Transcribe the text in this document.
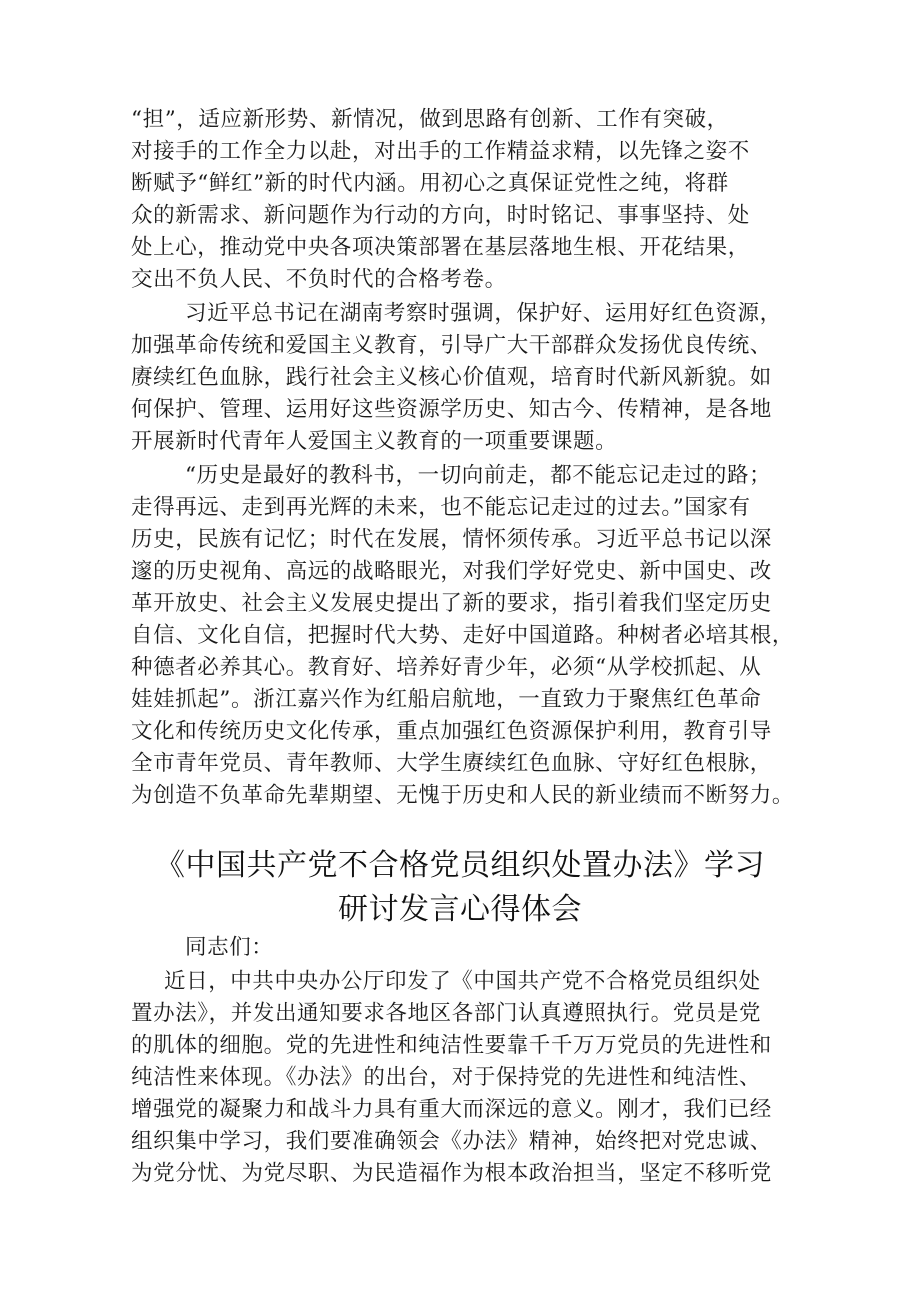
“担”，适应新形势、新情况，做到思路有创新、工作有突破，
对接手的工作全力以赴，对出手的工作精益求精，以先锋之姿不
断赋予“鲜红”新的时代内涵。用初心之真保证党性之纯，将群
众的新需求、新问题作为行动的方向，时时铭记、事事坚持、处
处上心，推动党中央各项决策部署在基层落地生根、开花结果，
交出不负人民、不负时代的合格考卷。
习近平总书记在湖南考察时强调，保护好、运用好红色资源，
加强革命传统和爱国主义教育，引导广大干部群众发扬优良传统、
赓续红色血脉，践行社会主义核心价值观，培育时代新风新貌。如
何保护、管理、运用好这些资源学历史、知古今、传精神，是各地
开展新时代青年人爱国主义教育的一项重要课题。
“历史是最好的教科书，一切向前走，都不能忘记走过的路；
走得再远、走到再光辉的未来，也不能忘记走过的过去。”国家有
历史，民族有记忆；时代在发展，情怀须传承。习近平总书记以深
邃的历史视角、高远的战略眼光，对我们学好党史、新中国史、改
革开放史、社会主义发展史提出了新的要求，指引着我们坚定历史
自信、文化自信，把握时代大势、走好中国道路。种树者必培其根，
种德者必养其心。教育好、培养好青少年，必须“从学校抓起、从
娃娃抓起”。浙江嘉兴作为红船启航地，一直致力于聚焦红色革命
文化和传统历史文化传承，重点加强红色资源保护利用，教育引导
全市青年党员、青年教师、大学生赓续红色血脉、守好红色根脉，
为创造不负革命先辈期望、无愧于历史和人民的新业绩而不断努力。
《中国共产党不合格党员组织处置办法》学习
研讨发言心得体会
同志们：
近日，中共中央办公厅印发了《中国共产党不合格党员组织处
置办法》，并发出通知要求各地区各部门认真遵照执行。党员是党
的肌体的细胞。党的先进性和纯洁性要靠千千万万党员的先进性和
纯洁性来体现。《办法》的出台，对于保持党的先进性和纯洁性、
增强党的凝聚力和战斗力具有重大而深远的意义。刚才，我们已经
组织集中学习，我们要准确领会《办法》精神，始终把对党忠诚、
为党分忧、为党尽职、为民造福作为根本政治担当，坚定不移听党
